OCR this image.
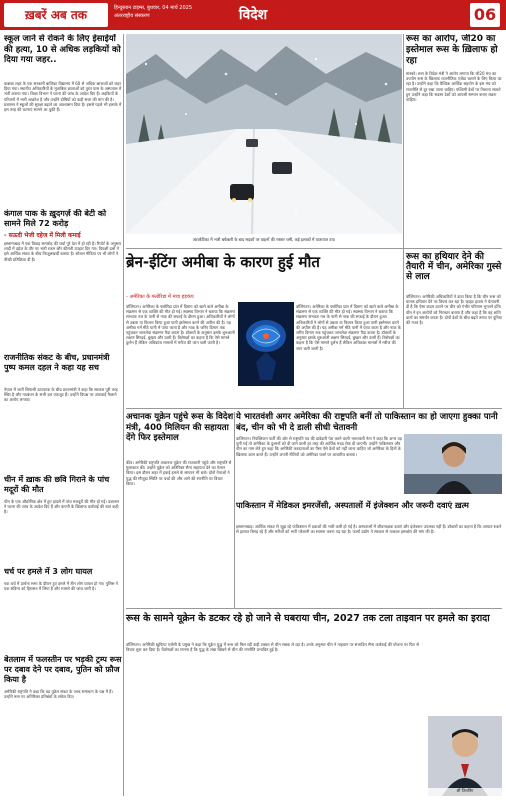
ख़बरें अब तक	हिन्दुस्तान टाइम्स, बुधवार, 04 मार्च 2025
अंतरराष्ट्रीय संस्करण	विदेश	06
स्कूल जाने से रोकने के लिए ईसाईयों की हत्या, 10 से अधिक लड़कियों को दिया गया जहर..
कबाबा शहर के एक सरकारी बालिका विद्यालय में 60 से अधिक छात्राओं को जहर दिया गया। स्थानीय अधिकारियों के मुताबिक छात्राओं को तुरंत पास के अस्पताल में भर्ती कराया गया। शिक्षा विभाग ने घटना की जांच के आदेश दिए हैं। लड़कियों के परिजनों में भारी आक्रोश है और उन्होंने दोषियों को कड़ी सजा की मांग की है। प्रशासन ने स्कूलों की सुरक्षा बढ़ाने का आश्वासन दिया है। इससे पहले भी इलाके में इस तरह की घटनाएं सामने आ चुकी हैं।
कंगाल पाक के ख़ुदगर्ज़ की बेटी को सामने मिले 72 करोड़
- सऊदी भेजी दहेज में मिली कमाई
इस्लामाबाद में एक विवाह समारोह की चर्चा पूरे देश में हो रही है। रिपोर्ट के अनुसार शादी में दहेज के तौर पर भारी रकम और कीमती उपहार दिए गए। विपक्षी दलों ने इसे आर्थिक संकट के बीच फिजूलखर्ची बताया है। सोशल मीडिया पर भी लोगों ने तीखी प्रतिक्रिया दी है।
राजनीतिक संकट के बीच, प्रधानमंत्री पुष्प कमल दहल ने कहा यह सच
नेपाल में जारी सियासी उठापटक के बीच प्रधानमंत्री ने कहा कि सरकार पूरी तरह स्थिर है और गठबंधन के सभी दल एकजुट हैं। उन्होंने विपक्ष पर अफवाहें फैलाने का आरोप लगाया।
चीन में ख़ाक की छवि गिराने के पांच मदूरों की मौत
चीन के एक औद्योगिक क्षेत्र में हुए हादसे में पांच मजदूरों की मौत हो गई। प्रशासन ने घटना की जांच के आदेश दिए हैं और कंपनी के खिलाफ कार्रवाई की बात कही है।
चर्च पर हमले में 3 लोग घायल
एक चर्च में प्रार्थना सभा के दौरान हुए हमले में तीन लोग घायल हो गए। पुलिस ने एक संदिग्ध को हिरासत में लिया है और मामले की जांच जारी है।
बेतलाम में फलस्तीन पर भड़की ट्रम्प रूस पर दबाव देने पर दबाव, पुतिन को फ़ौज किया है
अमेरिकी राष्ट्रपति ने कहा कि वह यूक्रेन संकट के जल्द समाधान के पक्ष में हैं। उन्होंने रूस पर अतिरिक्त प्रतिबंधों के संकेत दिए।
अंटार्कटिका में भारी बर्फबारी के बाद सड़कों पर वाहनों की रफ्तार थमी, कई इलाकों में यातायात ठप।
रूस का आरोप, जी20 का इस्तेमाल रूस के ख़िलाफ हो रहा
मास्को। रूस के विदेश मंत्री ने आरोप लगाया कि जी20 मंच का उपयोग रूस के खिलाफ राजनीतिक एजेंडा चलाने के लिए किया जा रहा है। उन्होंने कहा कि वैश्विक आर्थिक सहयोग के इस मंच को राजनीति से दूर रखा जाना चाहिए। पश्चिमी देशों पर निशाना साधते हुए उन्होंने कहा कि सदस्य देशों को आपसी सम्मान बनाए रखना चाहिए।
ब्रेन-ईटिंग अमीबा के कारण हुई मौत
- अमेरिका के फ्लोरिडा में मचा हड़कंप
वॉशिंगटन। अमेरिका के फ्लोरिडा प्रांत में दिमाग को खाने वाले अमीबा के संक्रमण से एक व्यक्ति की मौत हो गई। स्वास्थ्य विभाग ने बताया कि संक्रमण संभवतः नल के पानी से नाक की सफाई के दौरान हुआ। अधिकारियों ने लोगों से उबला या फिल्टर किया हुआ पानी इस्तेमाल करने की अपील की है। यह अमीबा गर्म मीठे पानी में पाया जाता है और नाक के जरिए दिमाग तक पहुंचकर जानलेवा संक्रमण पैदा करता है। डॉक्टरों के अनुसार इसके शुरुआती लक्षण सिरदर्द, बुखार और उल्टी हैं। विशेषज्ञों का कहना है कि ऐसे मामले दुर्लभ हैं लेकिन अधिकांश मामलों में मरीज की जान चली जाती है।
वॉशिंगटन। अमेरिका के फ्लोरिडा प्रांत में दिमाग को खाने वाले अमीबा के संक्रमण से एक व्यक्ति की मौत हो गई। स्वास्थ्य विभाग ने बताया कि संक्रमण संभवतः नल के पानी से नाक की सफाई के दौरान हुआ। अधिकारियों ने लोगों से उबला या फिल्टर किया हुआ पानी इस्तेमाल करने की अपील की है। यह अमीबा गर्म मीठे पानी में पाया जाता है और नाक के जरिए दिमाग तक पहुंचकर जानलेवा संक्रमण पैदा करता है। डॉक्टरों के अनुसार इसके शुरुआती लक्षण सिरदर्द, बुखार और उल्टी हैं। विशेषज्ञों का कहना है कि ऐसे मामले दुर्लभ हैं लेकिन अधिकांश मामलों में मरीज की जान चली जाती है।
रूस का हथियार देने की तैयारी में चीन, अमेरिका गुस्से से लाल
वॉशिंगटन। अमेरिकी अधिकारियों ने दावा किया है कि चीन रूस को घातक हथियार देने पर विचार कर रहा है। व्हाइट हाउस ने चेतावनी दी है कि ऐसा कदम उठाने पर चीन को गंभीर परिणाम भुगतने होंगे। चीन ने इन आरोपों को निराधार बताया है और कहा है कि वह शांति वार्ता का समर्थन करता है। दोनों देशों के बीच बढ़ते तनाव पर दुनिया की नजर है।
अचानक यूक्रेन पहुंचे रूस के विदेश मंत्री, 400 मिलियन की सहायता देंगे फिर इस्तेमाल
कीव। अमेरिकी राष्ट्रपति अचानक यूक्रेन की राजधानी पहुंचे और राष्ट्रपति से मुलाकात की। उन्होंने यूक्रेन को अतिरिक्त सैन्य सहायता देने का ऐलान किया। इस दौरान शहर में हवाई हमले के सायरन भी बजे। दोनों नेताओं ने युद्ध की मौजूदा स्थिति पर चर्चा की और आगे की रणनीति पर विचार किया।
ये भारतवंशी अगर अमेरिका की राष्ट्रपति बनीं तो पाकिस्तान का हो जाएगा हुक्का पानी बंद, चीन को भी दे डाली सीधी चेतावनी
वाशिंगटन। रिपब्लिकन पार्टी की ओर से राष्ट्रपति पद की दावेदारी पेश करने वाली भारतवंशी नेता ने कहा कि अगर वह चुनी गईं तो अमेरिका के दुश्मनों को दी जाने वाली हर तरह की आर्थिक मदद रोक दी जाएगी। उन्होंने पाकिस्तान और चीन का नाम लेते हुए कहा कि अमेरिकी करदाताओं का पैसा ऐसे देशों को नहीं जाना चाहिए जो अमेरिका के हितों के खिलाफ काम करते हैं। उन्होंने अपनी नीतियों को अमेरिका फर्स्ट पर आधारित बताया।
पाकिस्तान में मेडिकल इमरजेंसी, अस्पतालों में इंजेक्शन और जरूरी दवाएं ख़त्म
इस्लामाबाद। आर्थिक संकट से जूझ रहे पाकिस्तान में दवाओं की भारी कमी हो गई है। अस्पतालों में जीवनरक्षक दवाएं और इंजेक्शन उपलब्ध नहीं हैं। डॉक्टरों का कहना है कि आयात रुकने से हालात बिगड़ रहे हैं और मरीजों को भारी परेशानी का सामना करना पड़ रहा है। फार्मा उद्योग ने सरकार से तत्काल हस्तक्षेप की मांग की है।
रूस के सामने यूक्रेन के डटकर रहे हो जाने से घबराया चीन, 2027 तक टला ताइवान पर हमले का इरादा
वॉशिंगटन। अमेरिकी खुफिया एजेंसी के प्रमुख ने कहा कि यूक्रेन युद्ध में रूस को मिल रही कड़ी टक्कर से चीन सबक ले रहा है। उनके अनुसार चीन ने ताइवान पर संभावित सैन्य कार्रवाई की योजना पर फिर से विचार शुरू कर दिया है। विशेषज्ञों का मानना है कि युद्ध के लंबा खिंचने से चीन की रणनीति प्रभावित हुई है।
शी जिनपिंग
